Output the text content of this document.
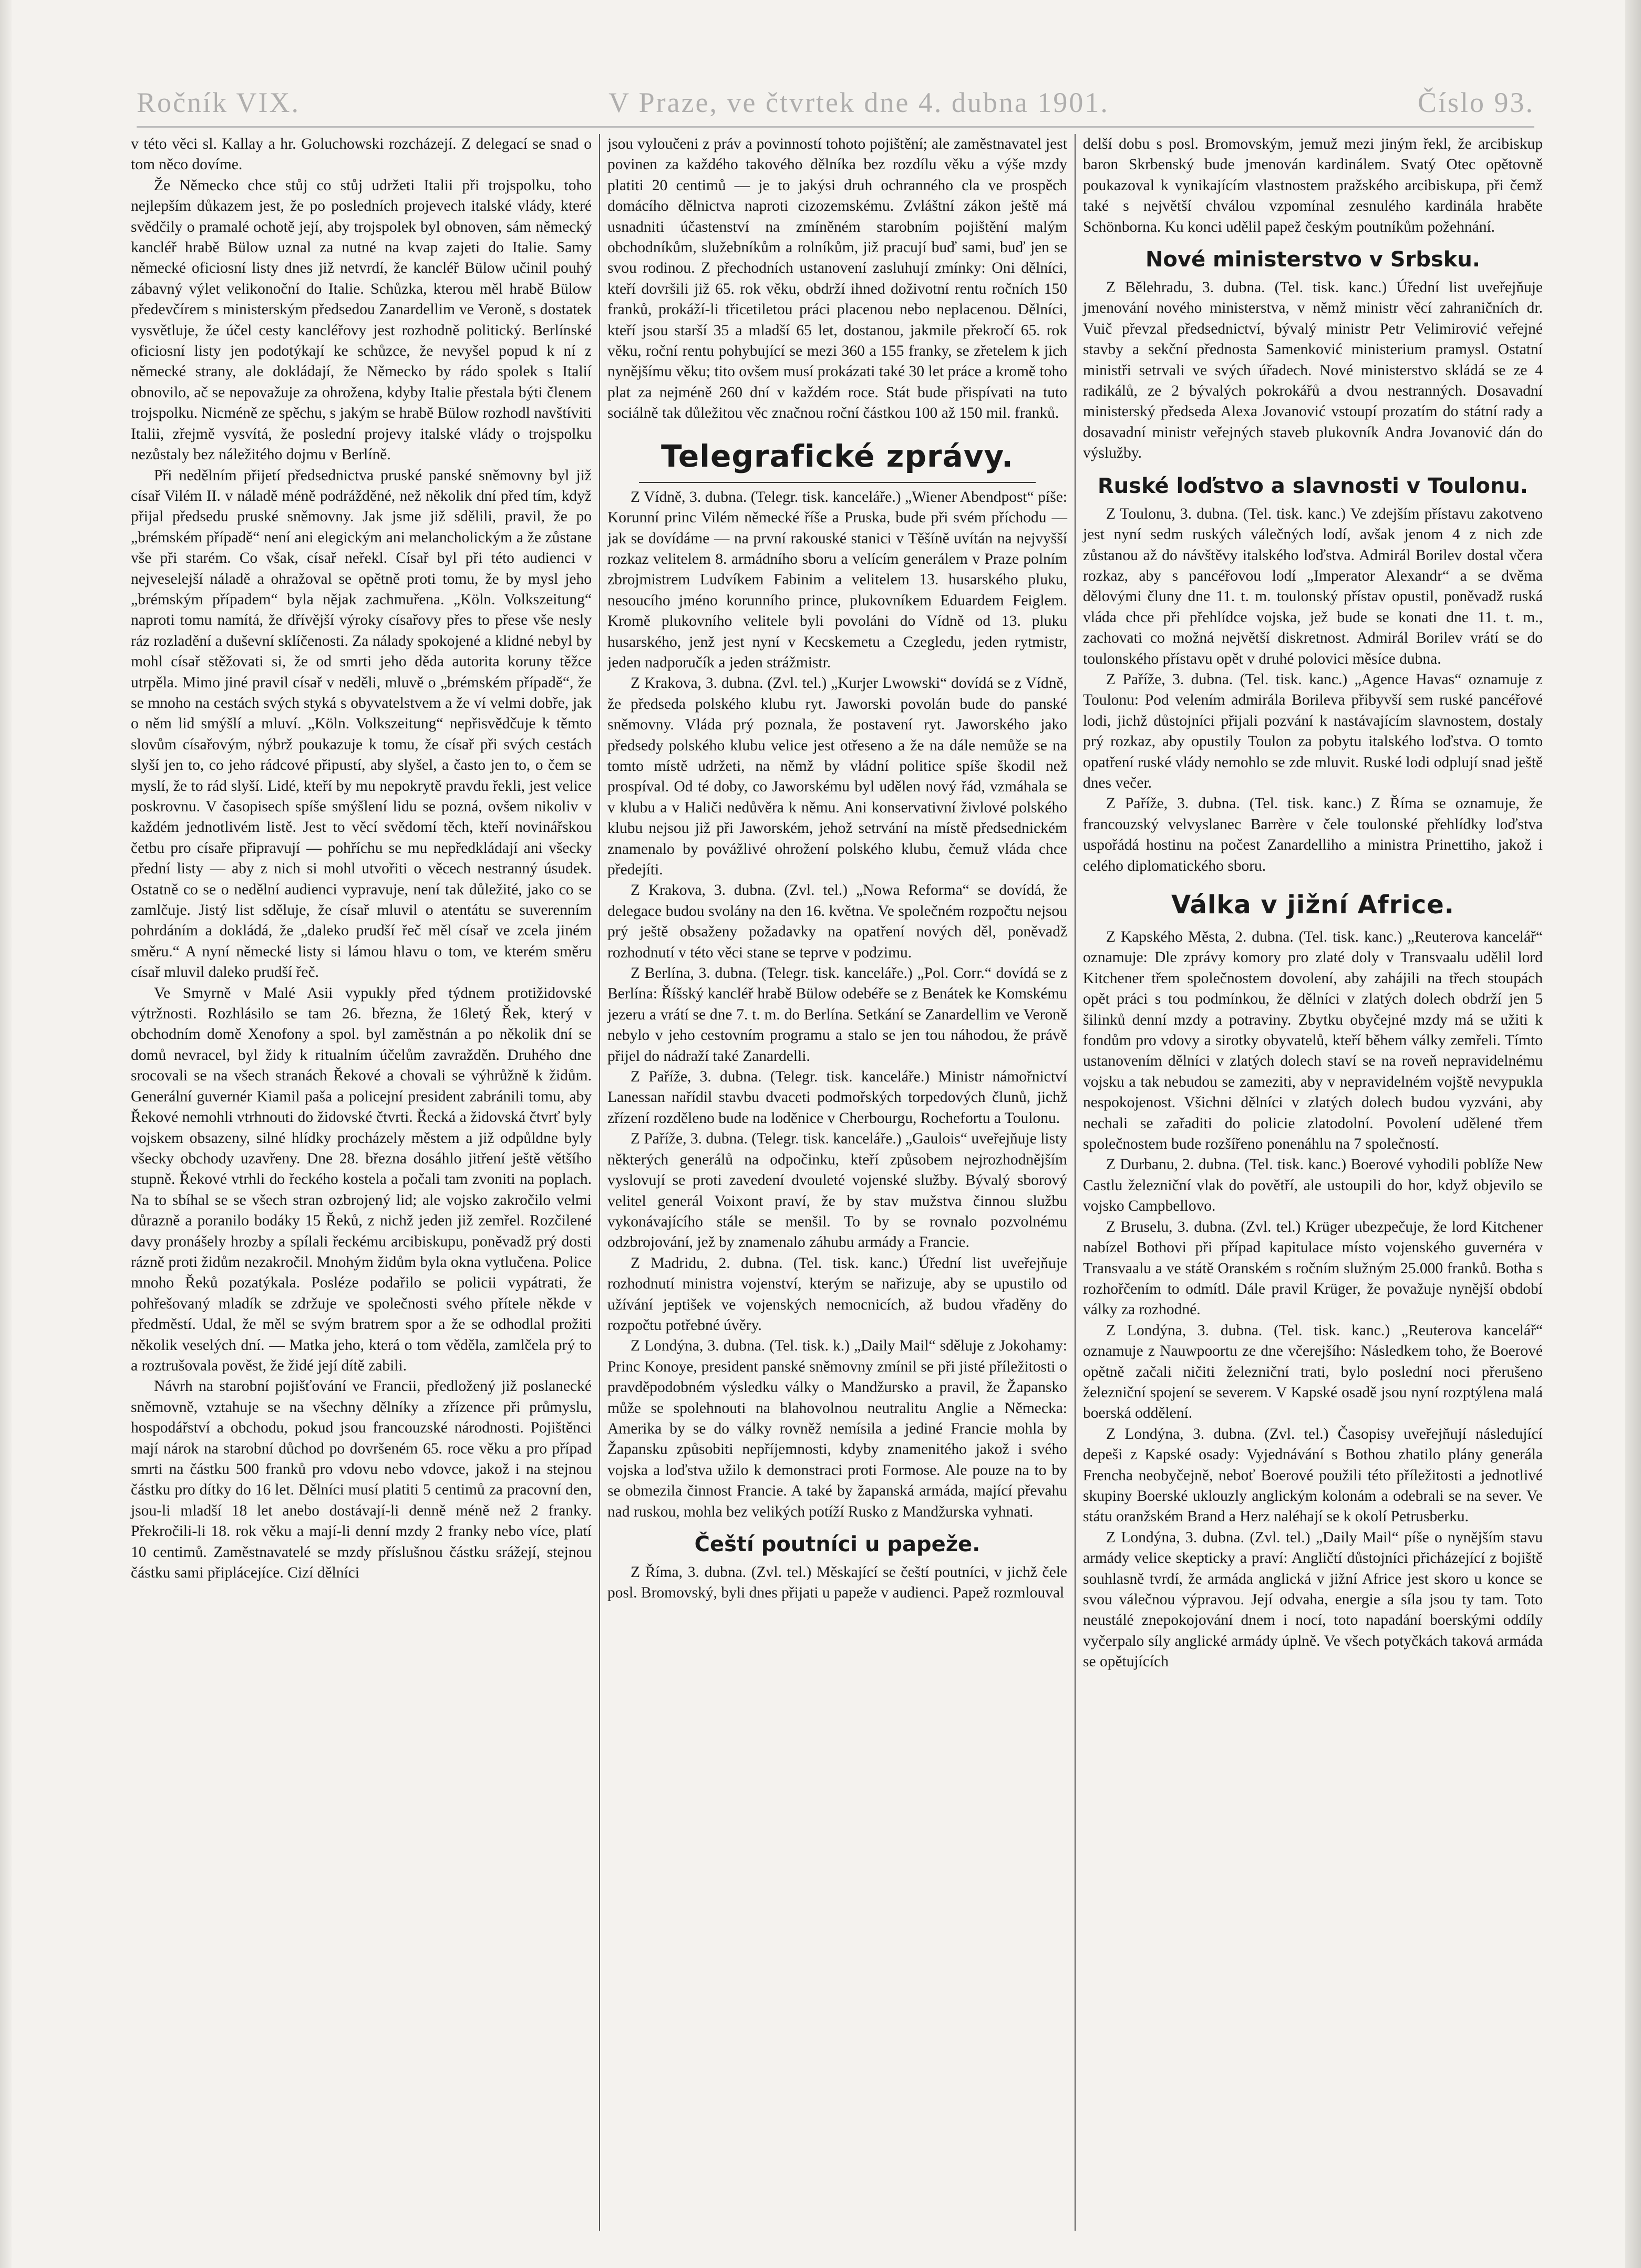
Ročník VIX.	V Praze, ve čtvrtek dne 4. dubna 1901.	Číslo 93.

v této věci sl. Kallay a hr. Goluchowski rozcházejí. Z delegací se snad o tom něco dovíme.

Že Německo chce stůj co stůj udržeti Italii při trojspolku, toho nejlepším důkazem jest, že po posledních projevech italské vlády, které svědčily o pramalé ochotě její, aby trojspolek byl obnoven, sám německý kancléř hrabě Bülow uznal za nutné na kvap zajeti do Italie. Samy německé oficiosní listy dnes již netvrdí, že kancléř Bülow učinil pouhý zábavný výlet velikonoční do Italie. Schůzka, kterou měl hrabě Bülow předevčírem s ministerským předsedou Zanardellim ve Veroně, s dostatek vysvětluje, že účel cesty kancléřovy jest rozhodně politický. Berlínské oficiosní listy jen podotýkají ke schůzce, že nevyšel popud k ní z německé strany, ale dokládají, že Německo by rádo spolek s Italií obnovilo, ač se nepovažuje za ohrožena, kdyby Italie přestala býti členem trojspolku. Nicméně ze spěchu, s jakým se hrabě Bülow rozhodl navštíviti Italii, zřejmě vysvítá, že poslední projevy italské vlády o trojspolku nezůstaly bez náležitého dojmu v Berlíně.

Při nedělním přijetí předsednictva pruské panské sněmovny byl již císař Vilém II. v náladě méně podrážděné, než několik dní před tím, když přijal předsedu pruské sněmovny. Jak jsme již sdělili, pravil, že po „brémském případě“ není ani elegickým ani melancholickým a že zůstane vše při starém. Co však, císař neřekl. Císař byl při této audienci v nejveselejší náladě a ohražoval se opětně proti tomu, že by mysl jeho „brémským případem“ byla nějak zachmuřena. „Köln. Volkszeitung“ naproti tomu namítá, že dřívější výroky císařovy přes to přese vše nesly ráz rozladění a duševní sklíčenosti. Za nálady spokojené a klidné nebyl by mohl císař stěžovati si, že od smrti jeho děda autorita koruny těžce utrpěla. Mimo jiné pravil císař v neděli, mluvě o „brémském případě“, že se mnoho na cestách svých styká s obyvatelstvem a že ví velmi dobře, jak o něm lid smýšlí a mluví. „Köln. Volkszeitung“ nepřisvědčuje k těmto slovům císařovým, nýbrž poukazuje k tomu, že císař při svých cestách slyší jen to, co jeho rádcové připustí, aby slyšel, a často jen to, o čem se myslí, že to rád slyší. Lidé, kteří by mu nepokrytě pravdu řekli, jest velice poskrovnu. V časopisech spíše smýšlení lidu se pozná, ovšem nikoliv v každém jednotlivém listě. Jest to věcí svědomí těch, kteří novinářskou četbu pro císaře připravují — pohříchu se mu nepředkládají ani všecky přední listy — aby z nich si mohl utvořiti o věcech nestranný úsudek. Ostatně co se o nedělní audienci vypravuje, není tak důležité, jako co se zamlčuje. Jistý list sděluje, že císař mluvil o atentátu se suverenním pohrdáním a dokládá, že „daleko prudší řeč měl císař ve zcela jiném směru.“ A nyní německé listy si lámou hlavu o tom, ve kterém směru císař mluvil daleko prudší řeč.

Ve Smyrně v Malé Asii vypukly před týdnem protižidovské výtržnosti. Rozhlásilo se tam 26. března, že 16letý Řek, který v obchodním domě Xenofony a spol. byl zaměstnán a po několik dní se domů nevracel, byl židy k ritualním účelům zavražděn. Druhého dne srocovali se na všech stranách Řekové a chovali se výhrůžně k židům. Generální guvernér Kiamil paša a policejní president zabránili tomu, aby Řekové nemohli vtrhnouti do židovské čtvrti. Řecká a židovská čtvrť byly vojskem obsazeny, silné hlídky procházely městem a již odpůldne byly všecky obchody uzavřeny. Dne 28. března dosáhlo jitření ještě většího stupně. Řekové vtrhli do řeckého kostela a počali tam zvoniti na poplach. Na to sbíhal se se všech stran ozbrojený lid; ale vojsko zakročilo velmi důrazně a poranilo bodáky 15 Řeků, z nichž jeden již zemřel. Rozčilené davy pronášely hrozby a spílali řeckému arcibiskupu, poněvadž prý dosti rázně proti židům nezakročil. Mnohým židům byla okna vytlučena. Police mnoho Řeků pozatýkala. Posléze podařilo se policii vypátrati, že pohřešovaný mladík se zdržuje ve společnosti svého přítele někde v předměstí. Udal, že měl se svým bratrem spor a že se odhodlal prožiti několik veselých dní. — Matka jeho, která o tom věděla, zamlčela prý to a roztrušovala pověst, že židé její dítě zabili.

Návrh na starobní pojišťování ve Francii, předložený již poslanecké sněmovně, vztahuje se na všechny dělníky a zřízence při průmyslu, hospodářství a obchodu, pokud jsou francouzské národnosti. Pojištěnci mají nárok na starobní důchod po dovršeném 65. roce věku a pro případ smrti na částku 500 franků pro vdovu nebo vdovce, jakož i na stejnou částku pro dítky do 16 let. Dělníci musí platiti 5 centimů za pracovní den, jsou-li mladší 18 let anebo dostávají-li denně méně než 2 franky. Překročili-li 18. rok věku a mají-li denní mzdy 2 franky nebo více, platí 10 centimů. Zaměstnavatelé se mzdy příslušnou částku srážejí, stejnou částku sami připlácejíce. Cizí dělníci

jsou vyloučeni z práv a povinností tohoto pojištění; ale zaměstnavatel jest povinen za každého takového dělníka bez rozdílu věku a výše mzdy platiti 20 centimů — je to jakýsi druh ochranného cla ve prospěch domácího dělnictva naproti cizozemskému. Zvláštní zákon ještě má usnadniti účastenství na zmíněném starobním pojištění malým obchodníkům, služebníkům a rolníkům, již pracují buď sami, buď jen se svou rodinou. Z přechodních ustanovení zasluhují zmínky: Oni dělníci, kteří dovršili již 65. rok věku, obdrží ihned doživotní rentu ročních 150 franků, prokáží-li třicetiletou práci placenou nebo neplacenou. Dělníci, kteří jsou starší 35 a mladší 65 let, dostanou, jakmile překročí 65. rok věku, roční rentu pohybující se mezi 360 a 155 franky, se zřetelem k jich nynějšímu věku; tito ovšem musí prokázati také 30 let práce a kromě toho plat za nejméně 260 dní v každém roce. Stát bude přispívati na tuto sociálně tak důležitou věc značnou roční částkou 100 až 150 mil. franků.

Telegrafické zprávy.

Z Vídně, 3. dubna. (Telegr. tisk. kanceláře.) „Wiener Abendpost“ píše: Korunní princ Vilém německé říše a Pruska, bude při svém příchodu — jak se dovídáme — na první rakouské stanici v Těšíně uvítán na nejvyšší rozkaz velitelem 8. armádního sboru a velícím generálem v Praze polním zbrojmistrem Ludvíkem Fabinim a velitelem 13. husarského pluku, nesoucího jméno korunního prince, plukovníkem Eduardem Feiglem. Kromě plukovního velitele byli povoláni do Vídně od 13. pluku husarského, jenž jest nyní v Kecskemetu a Czegledu, jeden rytmistr, jeden nadporučík a jeden strážmistr.

Z Krakova, 3. dubna. (Zvl. tel.) „Kurjer Lwowski“ dovídá se z Vídně, že předseda polského klubu ryt. Jaworski povolán bude do panské sněmovny. Vláda prý poznala, že postavení ryt. Jaworského jako předsedy polského klubu velice jest otřeseno a že na dále nemůže se na tomto místě udržeti, na němž by vládní politice spíše škodil než prospíval. Od té doby, co Jaworskému byl udělen nový řád, vzmáhala se v klubu a v Haliči nedůvěra k němu. Ani konservativní živlové polského klubu nejsou již při Jaworském, jehož setrvání na místě předsednickém znamenalo by povážlivé ohrožení polského klubu, čemuž vláda chce předejíti.

Z Krakova, 3. dubna. (Zvl. tel.) „Nowa Reforma“ se dovídá, že delegace budou svolány na den 16. května. Ve společném rozpočtu nejsou prý ještě obsaženy požadavky na opatření nových děl, poněvadž rozhodnutí v této věci stane se teprve v podzimu.

Z Berlína, 3. dubna. (Telegr. tisk. kanceláře.) „Pol. Corr.“ dovídá se z Berlína: Říšský kancléř hrabě Bülow odebéře se z Benátek ke Komskému jezeru a vrátí se dne 7. t. m. do Berlína. Setkání se Zanardellim ve Veroně nebylo v jeho cestovním programu a stalo se jen tou náhodou, že právě přijel do nádraží také Zanardelli.

Z Paříže, 3. dubna. (Telegr. tisk. kanceláře.) Ministr námořnictví Lanessan nařídil stavbu dvaceti podmořských torpedových člunů, jichž zřízení rozděleno bude na loděnice v Cherbourgu, Rochefortu a Toulonu.

Z Paříže, 3. dubna. (Telegr. tisk. kanceláře.) „Gaulois“ uveřejňuje listy některých generálů na odpočinku, kteří způsobem nejrozhodnějším vyslovují se proti zavedení dvouleté vojenské služby. Bývalý sborový velitel generál Voixont praví, že by stav mužstva činnou službu vykonávajícího stále se menšil. To by se rovnalo pozvolnému odzbrojování, jež by znamenalo záhubu armády a Francie.

Z Madridu, 2. dubna. (Tel. tisk. kanc.) Úřední list uveřejňuje rozhodnutí ministra vojenství, kterým se nařizuje, aby se upustilo od užívání jeptišek ve vojenských nemocnicích, až budou vřaděny do rozpočtu potřebné úvěry.

Z Londýna, 3. dubna. (Tel. tisk. k.) „Daily Mail“ sděluje z Jokohamy: Princ Konoye, president panské sněmovny zmínil se při jisté příležitosti o pravděpodobném výsledku války o Mandžursko a pravil, že Žapansko může se spolehnouti na blahovolnou neutralitu Anglie a Německa: Amerika by se do války rovněž nemísila a jediné Francie mohla by Žapansku způsobiti nepříjemnosti, kdyby znamenitého jakož i svého vojska a loďstva užilo k demonstraci proti Formose. Ale pouze na to by se obmezila činnost Francie. A také by žapanská armáda, mající převahu nad ruskou, mohla bez velikých potíží Rusko z Mandžurska vyhnati.

Čeští poutníci u papeže.

Z Říma, 3. dubna. (Zvl. tel.) Měskající se čeští poutníci, v jichž čele posl. Bromovský, byli dnes přijati u papeže v audienci. Papež rozmlouval

delší dobu s posl. Bromovským, jemuž mezi jiným řekl, že arcibiskup baron Skrbenský bude jmenován kardinálem. Svatý Otec opětovně poukazoval k vynikajícím vlastnostem pražského arcibiskupa, při čemž také s největší chválou vzpomínal zesnulého kardinála hraběte Schönborna. Ku konci udělil papež českým poutníkům požehnání.

Nové ministerstvo v Srbsku.

Z Bělehradu, 3. dubna. (Tel. tisk. kanc.) Úřední list uveřejňuje jmenování nového ministerstva, v němž ministr věcí zahraničních dr. Vuič převzal předsednictví, bývalý ministr Petr Velimirović veřejné stavby a sekční přednosta Samenković ministerium pramysl. Ostatní ministři setrvali ve svých úřadech. Nové ministerstvo skládá se ze 4 radikálů, ze 2 bývalých pokrokářů a dvou nestranných. Dosavadní ministerský předseda Alexa Jovanović vstoupí prozatím do státní rady a dosavadní ministr veřejných staveb plukovník Andra Jovanović dán do výslužby.

Ruské loďstvo a slavnosti v Toulonu.

Z Toulonu, 3. dubna. (Tel. tisk. kanc.) Ve zdejším přístavu zakotveno jest nyní sedm ruských válečných lodí, avšak jenom 4 z nich zde zůstanou až do návštěvy italského loďstva. Admirál Borilev dostal včera rozkaz, aby s pancéřovou lodí „Imperator Alexandr“ a se dvěma dělovými čluny dne 11. t. m. toulonský přístav opustil, poněvadž ruská vláda chce při přehlídce vojska, jež bude se konati dne 11. t. m., zachovati co možná největší diskretnost. Admirál Borilev vrátí se do toulonského přístavu opět v druhé polovici měsíce dubna.

Z Paříže, 3. dubna. (Tel. tisk. kanc.) „Agence Havas“ oznamuje z Toulonu: Pod velením admirála Borileva přibyvší sem ruské pancéřové lodi, jichž důstojníci přijali pozvání k nastávajícím slavnostem, dostaly prý rozkaz, aby opustily Toulon za pobytu italského loďstva. O tomto opatření ruské vlády nemohlo se zde mluvit. Ruské lodi odplují snad ještě dnes večer.

Z Paříže, 3. dubna. (Tel. tisk. kanc.) Z Říma se oznamuje, že francouzský velvyslanec Barrère v čele toulonské přehlídky loďstva uspořádá hostinu na počest Zanardelliho a ministra Prinettiho, jakož i celého diplomatického sboru.

Válka v jižní Africe.

Z Kapského Města, 2. dubna. (Tel. tisk. kanc.) „Reuterova kancelář“ oznamuje: Dle zprávy komory pro zlaté doly v Transvaalu udělil lord Kitchener třem společnostem dovolení, aby zahájili na třech stoupách opět práci s tou podmínkou, že dělníci v zlatých dolech obdrží jen 5 šilinků denní mzdy a potraviny. Zbytku obyčejné mzdy má se užiti k fondům pro vdovy a sirotky obyvatelů, kteří během války zemřeli. Tímto ustanovením dělníci v zlatých dolech staví se na roveň nepravidelnému vojsku a tak nebudou se zameziti, aby v nepravidelném vojště nevypukla nespokojenost. Všichni dělníci v zlatých dolech budou vyzváni, aby nechali se zařaditi do policie zlatodolní. Povolení udělené třem společnostem bude rozšířeno ponenáhlu na 7 společností.

Z Durbanu, 2. dubna. (Tel. tisk. kanc.) Boerové vyhodili poblíže New Castlu železniční vlak do povětří, ale ustoupili do hor, když objevilo se vojsko Campbellovo.

Z Bruselu, 3. dubna. (Zvl. tel.) Krüger ubezpečuje, že lord Kitchener nabízel Bothovi při případ kapitulace místo vojenského guvernéra v Transvaalu a ve státě Oranském s ročním služným 25.000 franků. Botha s rozhořčením to odmítl. Dále pravil Krüger, že považuje nynější období války za rozhodné.

Z Londýna, 3. dubna. (Tel. tisk. kanc.) „Reuterova kancelář“ oznamuje z Nauwpoortu ze dne včerejšího: Následkem toho, že Boerové opětně začali ničiti železniční trati, bylo poslední noci přerušeno železniční spojení se severem. V Kapské osadě jsou nyní rozptýlena malá boerská oddělení.

Z Londýna, 3. dubna. (Zvl. tel.) Časopisy uveřejňují následující depeši z Kapské osady: Vyjednávání s Bothou zhatilo plány generála Frencha neobyčejně, neboť Boerové použili této příležitosti a jednotlivé skupiny Boerské uklouzly anglickým kolonám a odebrali se na sever. Ve státu oranžském Brand a Herz naléhají se k okolí Petrusberku.

Z Londýna, 3. dubna. (Zvl. tel.) „Daily Mail“ píše o nynějším stavu armády velice skepticky a praví: Angličtí důstojníci přicházející z bojiště souhlasně tvrdí, že armáda anglická v jižní Africe jest skoro u konce se svou válečnou výpravou. Její odvaha, energie a síla jsou ty tam. Toto neustálé znepokojování dnem i nocí, toto napadání boerskými oddíly vyčerpalo síly anglické armády úplně. Ve všech potyčkách taková armáda se opětujících
